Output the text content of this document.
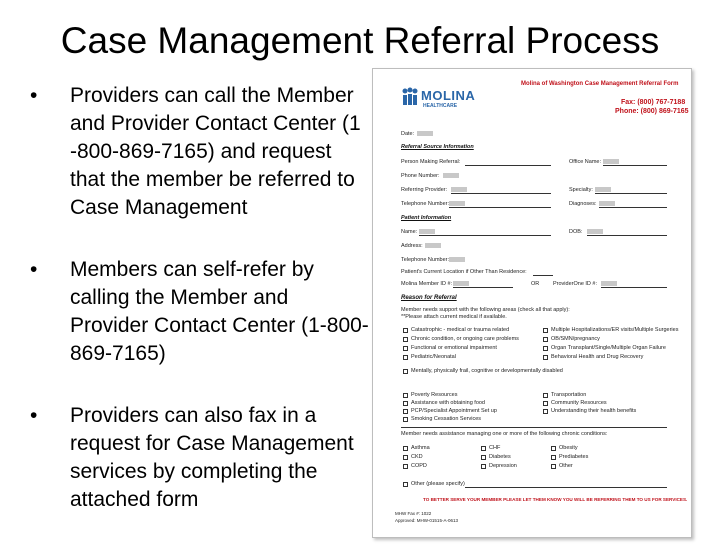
Case Management Referral Process
•	Providers can call the Member and Provider Contact Center (1 -800-869-7165) and request that the member be referred to Case Management
•	Members can self-refer by calling the Member and Provider Contact Center (1-800-869-7165)
•	Providers can also fax in a request for Case Management services by completing the attached form
Molina of Washington Case Management Referral Form
MOLINA
HEALTHCARE	Fax: (800) 767-7188
Phone: (800) 869-7165
Date:
Referral Source Information
Person Making Referral:	Office Name:
Phone Number:
Referring Provider:	Specialty:
Telephone Number:	Diagnoses:
Patient Information
Name:	DOB:
Address:
Telephone Number:
Patient's Current Location if Other Than Residence:
Molina Member ID #:	OR	ProviderOne ID #:
Reason for Referral
Member needs support with the following areas (check all that apply):
**Please attach current medical if available.
Catastrophic - medical or trauma related
Chronic condition, or ongoing care problems
Functional or emotional impairment
Pediatric/Neonatal
Mentally, physically frail, cognitive or developmentally disabled
Multiple Hospitalizations/ER visits/Multiple Surgeries
OB/SMN/pregnancy
Organ Transplant/Single/Multiple Organ Failure
Behavioral Health and Drug Recovery
Poverty Resources
Assistance with obtaining food
PCP/Specialist Appointment Set up
Smoking Cessation Services
Transportation
Community Resources
Understanding their health benefits
Member needs assistance managing one or more of the following chronic conditions:
Asthma	CHF	Obesity
CKD	Diabetes	Prediabetes
COPD	Depression	Other
Other (please specify)
TO BETTER SERVE YOUR MEMBER PLEASE LET THEM KNOW YOU WILL BE REFERRING THEM TO US FOR SERVICES.
MHW Fax #: 1022
Approved: MHW-01515-A-0613
